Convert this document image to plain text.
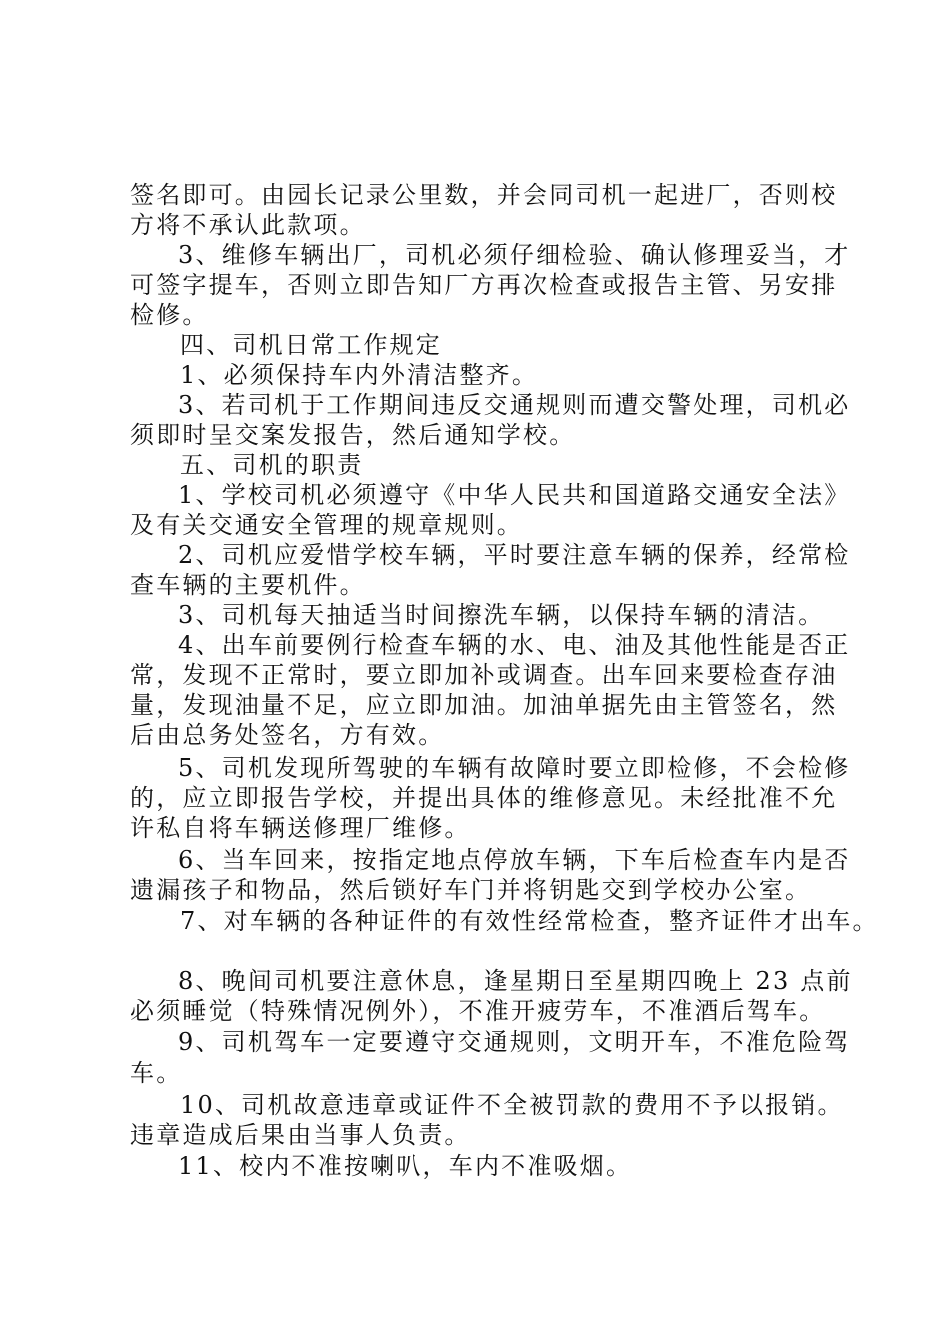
签名即可。由园长记录公里数，并会同司机一起进厂，否则校
方将不承认此款项。
3、维修车辆出厂，司机必须仔细检验、确认修理妥当，才
可签字提车，否则立即告知厂方再次检查或报告主管、另安排
检修。
四、司机日常工作规定
1、必须保持车内外清洁整齐。
3、若司机于工作期间违反交通规则而遭交警处理，司机必
须即时呈交案发报告，然后通知学校。
五、司机的职责
1、学校司机必须遵守《中华人民共和国道路交通安全法》
及有关交通安全管理的规章规则。
2、司机应爱惜学校车辆，平时要注意车辆的保养，经常检
查车辆的主要机件。
3、司机每天抽适当时间擦洗车辆，以保持车辆的清洁。
4、出车前要例行检查车辆的水、电、油及其他性能是否正
常，发现不正常时，要立即加补或调查。出车回来要检查存油
量，发现油量不足，应立即加油。加油单据先由主管签名，然
后由总务处签名，方有效。
5、司机发现所驾驶的车辆有故障时要立即检修，不会检修
的，应立即报告学校，并提出具体的维修意见。未经批准不允
许私自将车辆送修理厂维修。
6、当车回来，按指定地点停放车辆，下车后检查车内是否
遗漏孩子和物品，然后锁好车门并将钥匙交到学校办公室。
7、对车辆的各种证件的有效性经常检查，整齐证件才出车。
8、晚间司机要注意休息，逢星期日至星期四晚上 23 点前
必须睡觉（特殊情况例外），不准开疲劳车，不准酒后驾车。
9、司机驾车一定要遵守交通规则，文明开车，不准危险驾
车。
10、司机故意违章或证件不全被罚款的费用不予以报销。
违章造成后果由当事人负责。
11、校内不准按喇叭，车内不准吸烟。
